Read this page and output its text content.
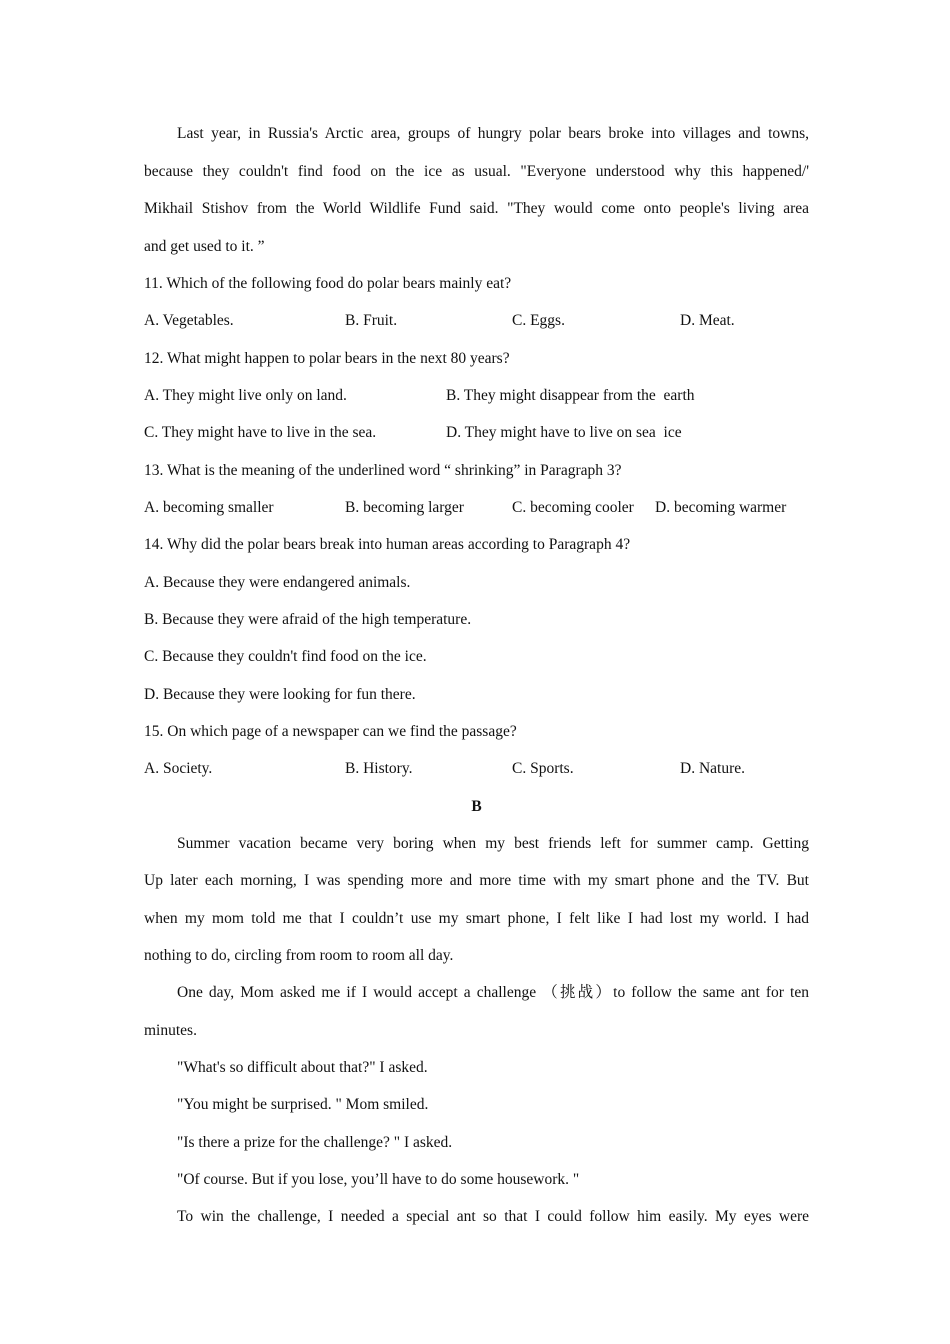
Last year, in Russia's Arctic area, groups of hungry polar bears broke into villages and towns,
because they couldn't find food on the ice as usual. "Everyone understood why this happened/'
Mikhail Stishov from the World Wildlife Fund said. "They would come onto people's living area
and get used to it. ”
11. Which of the following food do polar bears mainly eat?
A. Vegetables.	B. Fruit.	C. Eggs.	D. Meat.
12. What might happen to polar bears in the next 80 years?
A. They might live only on land.	B. They might disappear from the  earth
C. They might have to live in the sea.	D. They might have to live on sea  ice
13. What is the meaning of the underlined word “ shrinking” in Paragraph 3?
A. becoming smaller	B. becoming larger	C. becoming cooler D. becoming warmer
14. Why did the polar bears break into human areas according to Paragraph 4?
A. Because they were endangered animals.
B. Because they were afraid of the high temperature.
C. Because they couldn't find food on the ice.
D. Because they were looking for fun there.
15. On which page of a newspaper can we find the passage?
A. Society.	B. History.	C. Sports.	D. Nature.
B
Summer vacation became very boring when my best friends left for summer camp. Getting
Up later each morning, I was spending more and more time with my smart phone and the TV. But
when my mom told me that I couldn’t use my smart phone, I felt like I had lost my world. I had
nothing to do, circling from room to room all day.
One day, Mom asked me if I would accept a challenge （挑战）to follow the same ant for ten
minutes.
"What's so difficult about that?" I asked.
"You might be surprised. " Mom smiled.
"Is there a prize for the challenge? " I asked.
"Of course. But if you lose, you’ll have to do some housework. "
To win the challenge, I needed a special ant so that I could follow him easily. My eyes were
